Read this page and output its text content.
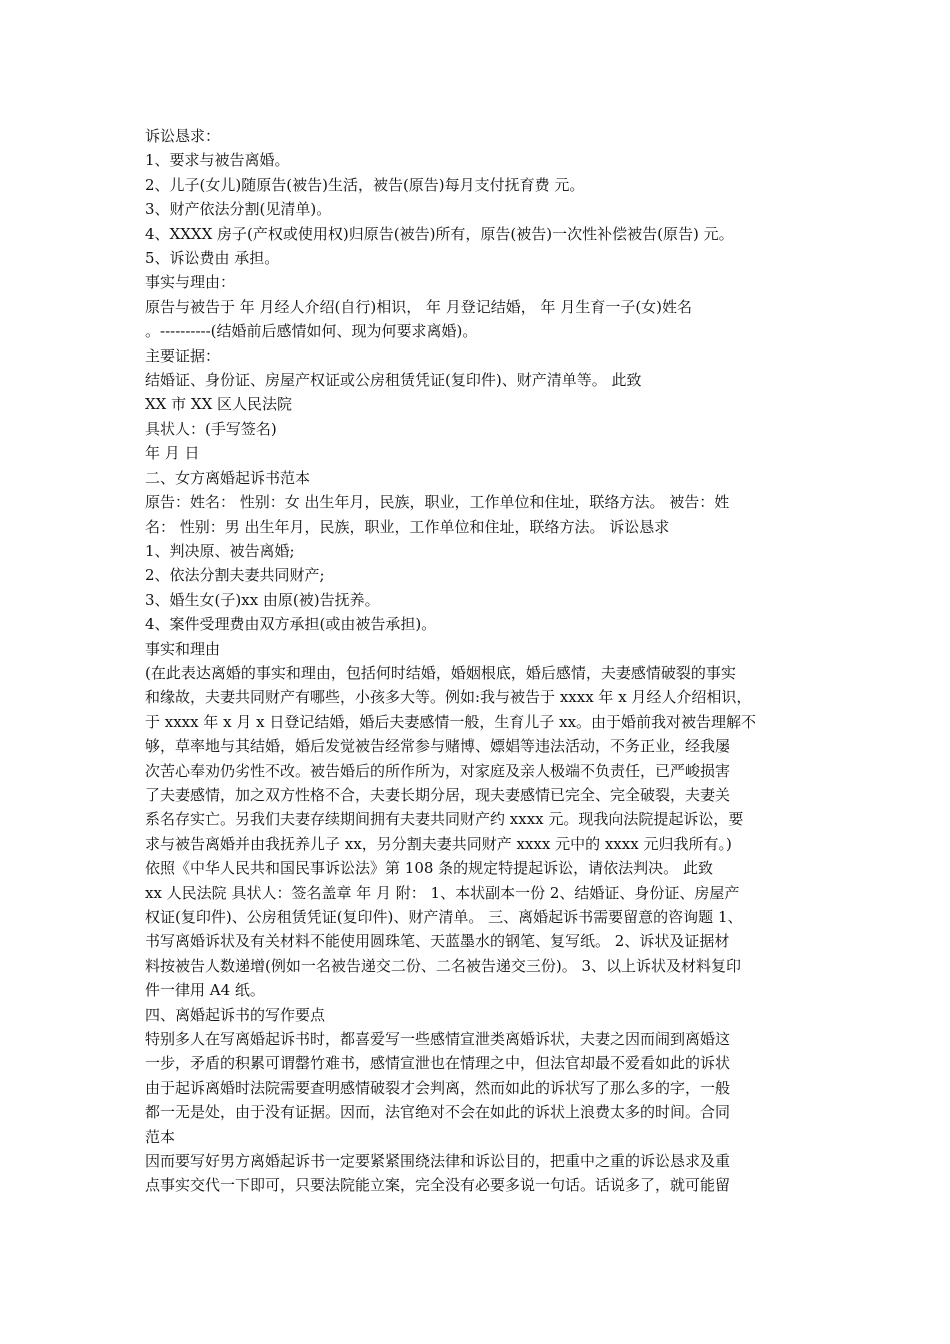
诉讼恳求：
1、要求与被告离婚。
2、儿子(女儿)随原告(被告)生活，被告(原告)每月支付抚育费 元。
3、财产依法分割(见清单)。
4、XXXX 房子(产权或使用权)归原告(被告)所有，原告(被告)一次性补偿被告(原告) 元。
5、诉讼费由 承担。
事实与理由：
原告与被告于 年 月经人介绍(自行)相识， 年 月登记结婚， 年 月生育一子(女)姓名
。----------(结婚前后感情如何、现为何要求离婚)。
主要证据：
结婚证、身份证、房屋产权证或公房租赁凭证(复印件)、财产清单等。 此致
XX 市 XX 区人民法院
具状人：(手写签名)
年 月 日
二、女方离婚起诉书范本
原告：姓名： 性别：女 出生年月，民族，职业，工作单位和住址，联络方法。 被告：姓
名： 性别：男 出生年月，民族，职业，工作单位和住址，联络方法。 诉讼恳求
1、判决原、被告离婚;
2、依法分割夫妻共同财产;
3、婚生女(子)xx 由原(被)告抚养。
4、案件受理费由双方承担(或由被告承担)。
事实和理由
(在此表达离婚的事实和理由，包括何时结婚，婚姻根底，婚后感情，夫妻感情破裂的事实
和缘故，夫妻共同财产有哪些，小孩多大等。例如:我与被告于 xxxx 年 x 月经人介绍相识，
于 xxxx 年 x 月 x 日登记结婚，婚后夫妻感情一般，生育儿子 xx。由于婚前我对被告理解不
够，草率地与其结婚，婚后发觉被告经常参与赌博、嫖娼等违法活动，不务正业，经我屡
次苦心奉劝仍劣性不改。被告婚后的所作所为，对家庭及亲人极端不负责任，已严峻损害
了夫妻感情，加之双方性格不合，夫妻长期分居，现夫妻感情已完全、完全破裂，夫妻关
系名存实亡。另我们夫妻存续期间拥有夫妻共同财产约 xxxx 元。现我向法院提起诉讼，要
求与被告离婚并由我抚养儿子 xx，另分割夫妻共同财产 xxxx 元中的 xxxx 元归我所有。)
依照《中华人民共和国民事诉讼法》第 108 条的规定特提起诉讼，请依法判决。 此致
xx 人民法院 具状人：签名盖章 年 月 附： 1、本状副本一份 2、结婚证、身份证、房屋产
权证(复印件)、公房租赁凭证(复印件)、财产清单。 三、离婚起诉书需要留意的咨询题 1、
书写离婚诉状及有关材料不能使用圆珠笔、天蓝墨水的钢笔、复写纸。 2、诉状及证据材
料按被告人数递增(例如一名被告递交二份、二名被告递交三份)。 3、以上诉状及材料复印
件一律用 A4 纸。
四、离婚起诉书的写作要点
特别多人在写离婚起诉书时，都喜爱写一些感情宣泄类离婚诉状，夫妻之因而闹到离婚这
一步，矛盾的积累可谓罄竹难书，感情宣泄也在情理之中，但法官却最不爱看如此的诉状
由于起诉离婚时法院需要查明感情破裂才会判离，然而如此的诉状写了那么多的字，一般
都一无是处，由于没有证据。因而，法官绝对不会在如此的诉状上浪费太多的时间。合同
范本
因而要写好男方离婚起诉书一定要紧紧围绕法律和诉讼目的，把重中之重的诉讼恳求及重
点事实交代一下即可，只要法院能立案，完全没有必要多说一句话。话说多了，就可能留
